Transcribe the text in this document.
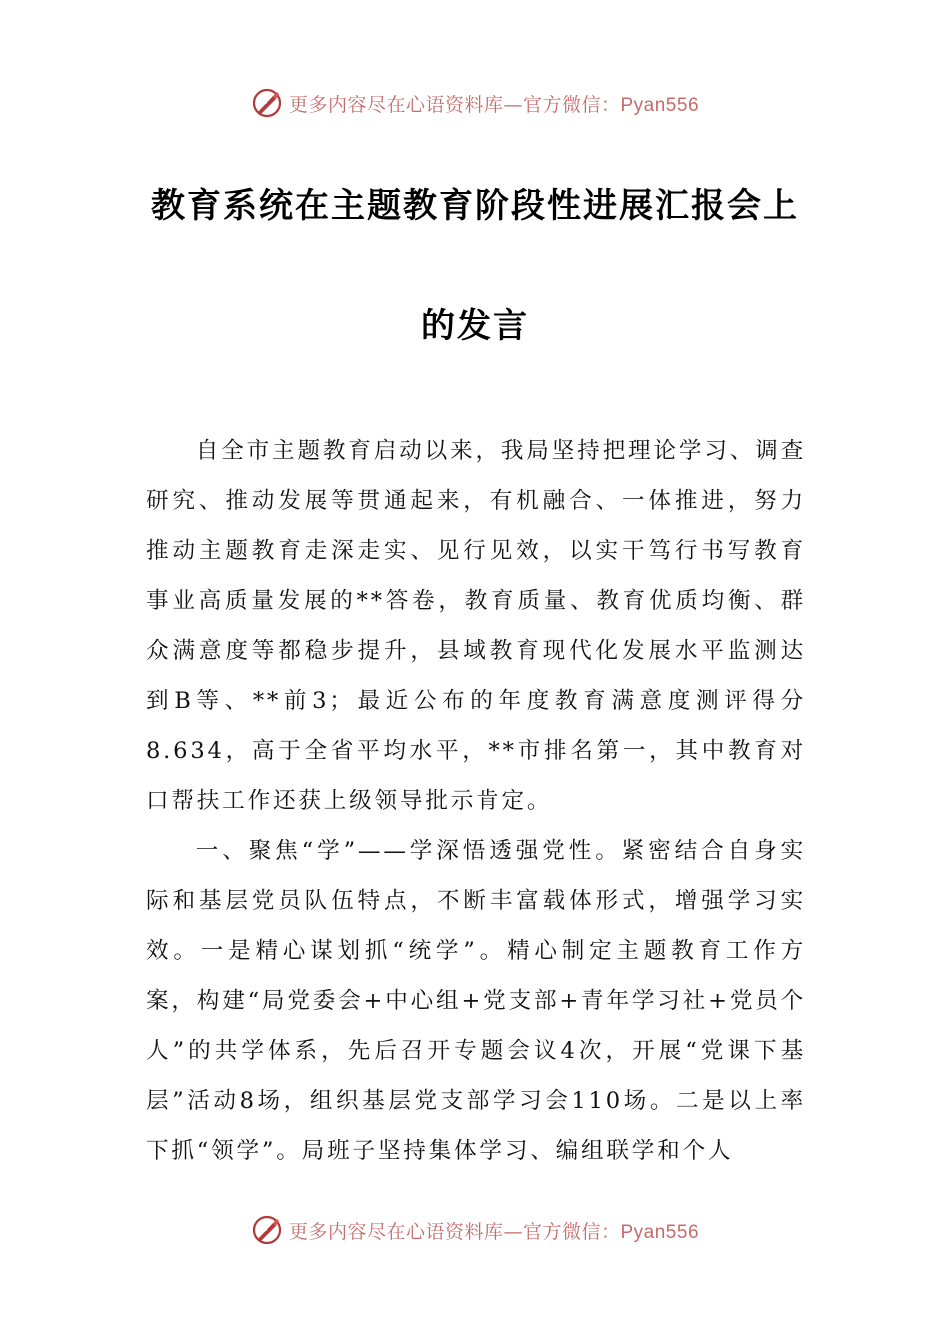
更多内容尽在心语资料库—官方微信：Pyan556
教育系统在主题教育阶段性进展汇报会上
的发言

自全市主题教育启动以来，我局坚持把理论学习、调查研究、推动发展等贯通起来，有机融合、一体推进，努力推动主题教育走深走实、见行见效，以实干笃行书写教育事业高质量发展的**答卷，教育质量、教育优质均衡、群众满意度等都稳步提升，县域教育现代化发展水平监测达到B等、**前3；最近公布的年度教育满意度测评得分8.634，高于全省平均水平，**市排名第一，其中教育对口帮扶工作还获上级领导批示肯定。

一、聚焦“学”——学深悟透强党性。紧密结合自身实际和基层党员队伍特点，不断丰富载体形式，增强学习实效。一是精心谋划抓“统学”。精心制定主题教育工作方案，构建“局党委会+中心组+党支部+青年学习社+党员个人”的共学体系，先后召开专题会议4次，开展“党课下基层”活动8场，组织基层党支部学习会110场。二是以上率下抓“领学”。局班子坚持集体学习、编组联学和个人

更多内容尽在心语资料库—官方微信：Pyan556
